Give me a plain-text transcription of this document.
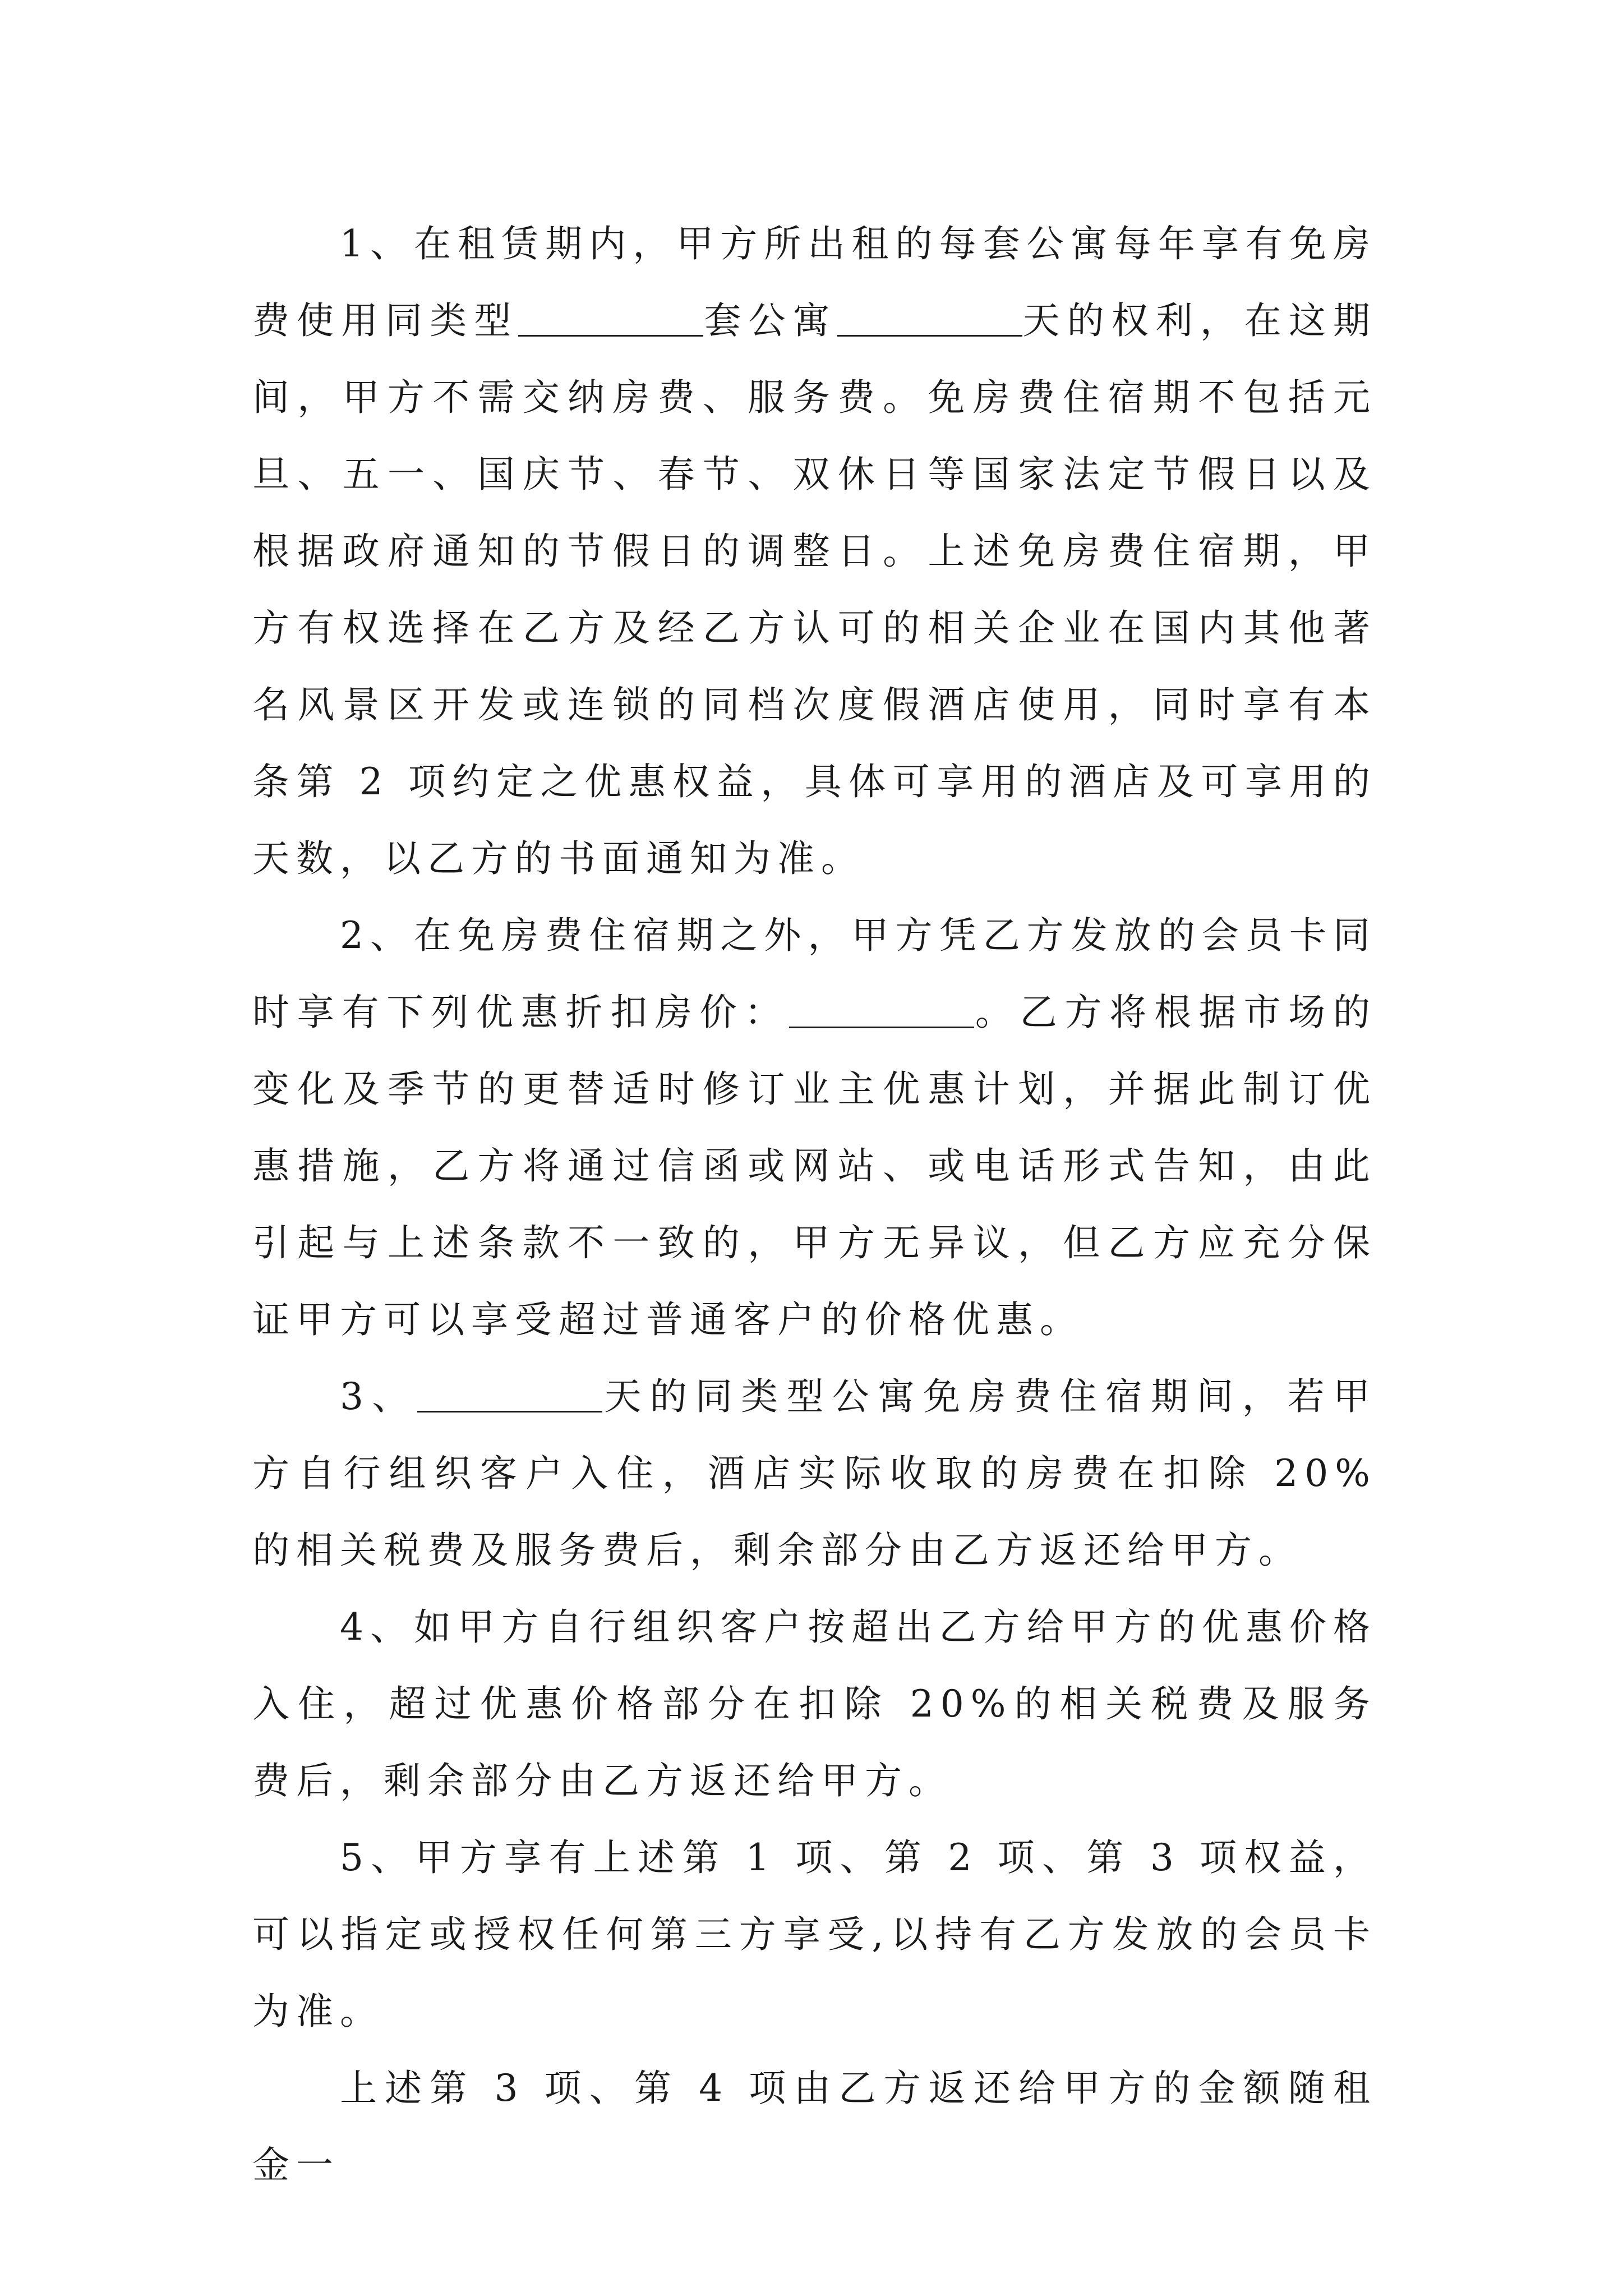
1、在租赁期内，甲方所出租的每套公寓每年享有免房费使用同类型	套公寓	天的权利，在这期间，甲方不需交纳房费、服务费。免房费住宿期不包括元旦、五一、国庆节、春节、双休日等国家法定节假日以及根据政府通知的节假日的调整日。上述免房费住宿期，甲方有权选择在乙方及经乙方认可的相关企业在国内其他著名风景区开发或连锁的同档次度假酒店使用，同时享有本条第 2 项约定之优惠权益，具体可享用的酒店及可享用的天数，以乙方的书面通知为准。

2、在免房费住宿期之外，甲方凭乙方发放的会员卡同时享有下列优惠折扣房价：	。乙方将根据市场的变化及季节的更替适时修订业主优惠计划，并据此制订优惠措施，乙方将通过信函或网站、或电话形式告知，由此引起与上述条款不一致的，甲方无异议，但乙方应充分保证甲方可以享受超过普通客户的价格优惠。

3、	天的同类型公寓免房费住宿期间，若甲方自行组织客户入住，酒店实际收取的房费在扣除 20%的相关税费及服务费后，剩余部分由乙方返还给甲方。

4、如甲方自行组织客户按超出乙方给甲方的优惠价格入住，超过优惠价格部分在扣除 20%的相关税费及服务费后，剩余部分由乙方返还给甲方。

5、甲方享有上述第 1 项、第 2 项、第 3 项权益，可以指定或授权任何第三方享受,以持有乙方发放的会员卡为准。

上述第 3 项、第 4 项由乙方返还给甲方的金额随租金一
